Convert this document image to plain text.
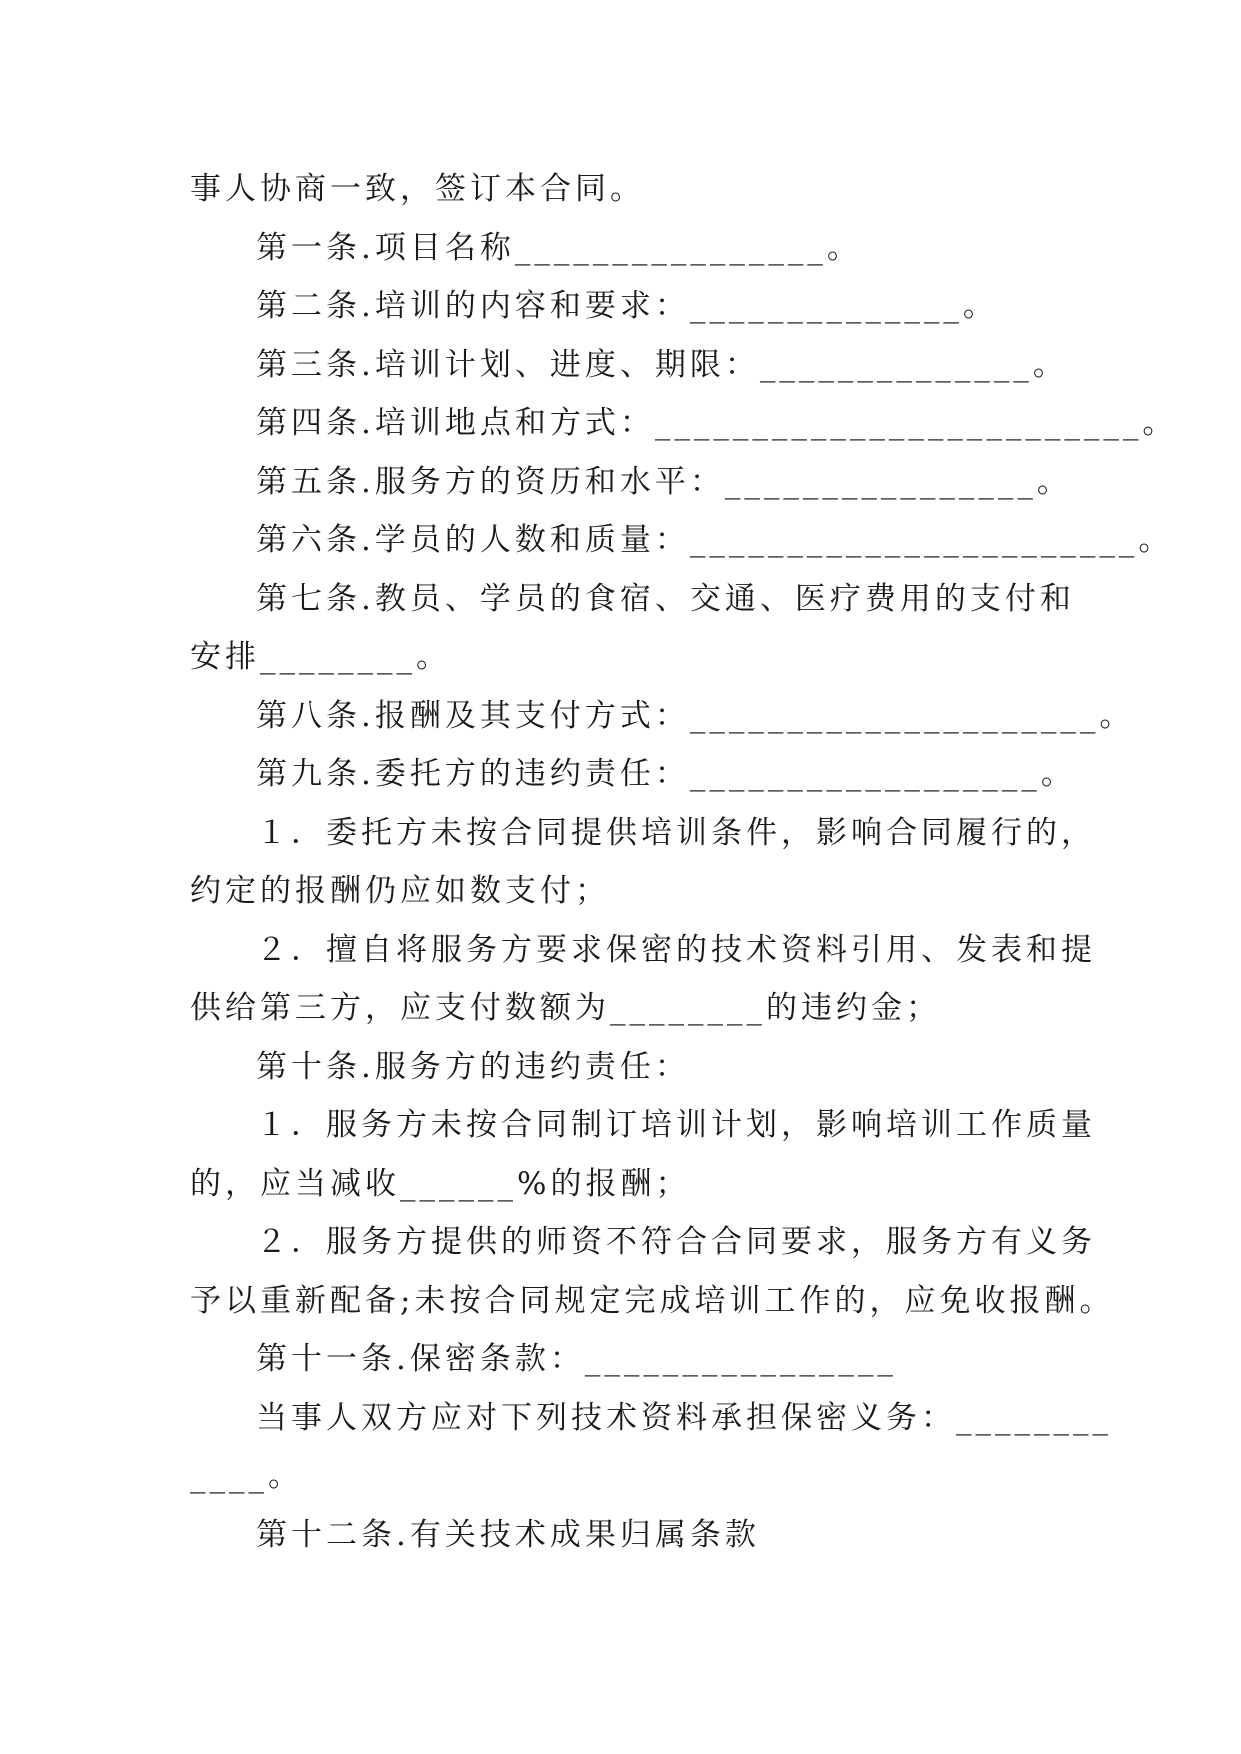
事人协商一致，签订本合同。
第一条.项目名称________________。
第二条.培训的内容和要求：______________。
第三条.培训计划、进度、期限：______________。
第四条.培训地点和方式：_________________________。
第五条.服务方的资历和水平：________________。
第六条.学员的人数和质量：_______________________。
第七条.教员、学员的食宿、交通、医疗费用的支付和
安排________。
第八条.报酬及其支付方式：_____________________。
第九条.委托方的违约责任：__________________。
１．委托方未按合同提供培训条件，影响合同履行的，
约定的报酬仍应如数支付；
２．擅自将服务方要求保密的技术资料引用、发表和提
供给第三方，应支付数额为________的违约金；
第十条.服务方的违约责任：
１．服务方未按合同制订培训计划，影响培训工作质量
的，应当减收______%的报酬；
２．服务方提供的师资不符合合同要求，服务方有义务
予以重新配备;未按合同规定完成培训工作的，应免收报酬。
第十一条.保密条款：________________
当事人双方应对下列技术资料承担保密义务：________
____。
第十二条.有关技术成果归属条款
